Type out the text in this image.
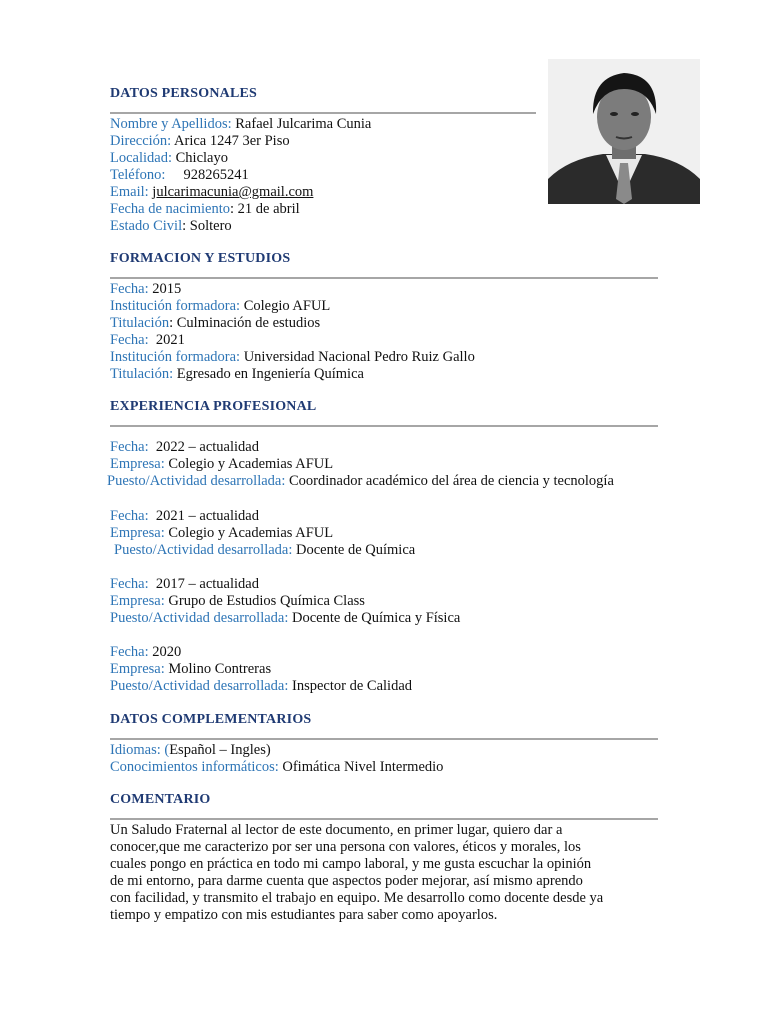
DATOS PERSONALES
Nombre y Apellidos: Rafael Julcarima Cunia
Dirección: Arica 1247 3er Piso
Localidad: Chiclayo
Teléfono:     928265241
Email: julcarimacunia@gmail.com
Fecha de nacimiento: 21 de abril
Estado Civil: Soltero
FORMACION Y ESTUDIOS
Fecha: 2015
Institución formadora: Colegio AFUL
Titulación: Culminación de estudios
Fecha:  2021
Institución formadora: Universidad Nacional Pedro Ruiz Gallo
Titulación: Egresado en Ingeniería Química
EXPERIENCIA PROFESIONAL
Fecha:  2022 – actualidad
Empresa: Colegio y Academias AFUL
Puesto/Actividad desarrollada: Coordinador académico del área de ciencia y tecnología
Fecha:  2021 – actualidad
Empresa: Colegio y Academias AFUL
Puesto/Actividad desarrollada: Docente de Química
Fecha:  2017 – actualidad
Empresa: Grupo de Estudios Química Class
Puesto/Actividad desarrollada: Docente de Química y Física
Fecha: 2020
Empresa: Molino Contreras
Puesto/Actividad desarrollada: Inspector de Calidad
DATOS COMPLEMENTARIOS
Idiomas: (Español – Ingles)
Conocimientos informáticos: Ofimática Nivel Intermedio
COMENTARIO
Un Saludo Fraternal al lector de este documento, en primer lugar, quiero dar a
conocer,que me caracterizo por ser una persona con valores, éticos y morales, los
cuales pongo en práctica en todo mi campo laboral, y me gusta escuchar la opinión
de mi entorno, para darme cuenta que aspectos poder mejorar, así mismo aprendo
con facilidad, y transmito el trabajo en equipo. Me desarrollo como docente desde ya
tiempo y empatizo con mis estudiantes para saber como apoyarlos.
